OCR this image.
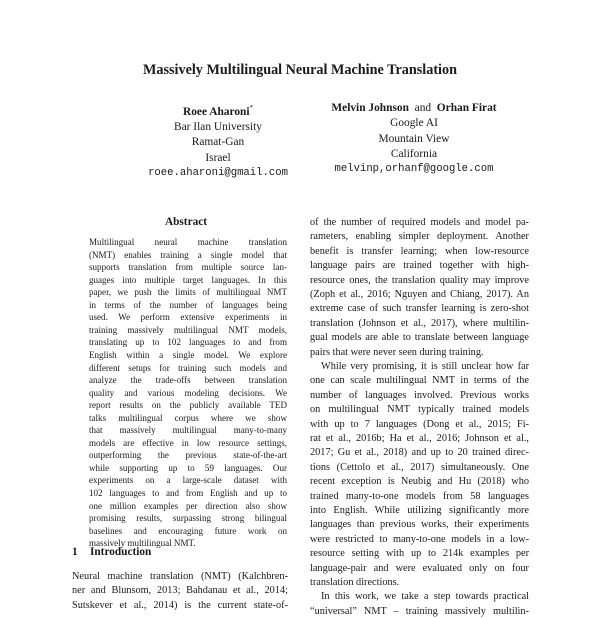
Massively Multilingual Neural Machine Translation
Roee Aharoni*
Bar Ilan University
Ramat-Gan
Israel
roee.aharoni@gmail.com
Melvin Johnson and Orhan Firat
Google AI
Mountain View
California
melvinp,orhanf@google.com
Abstract
Multilingual neural machine translation
(NMT) enables training a single model that
supports translation from multiple source lan-
guages into multiple target languages. In this
paper, we push the limits of multilingual NMT
in terms of the number of languages being
used. We perform extensive experiments in
training massively multilingual NMT models,
translating up to 102 languages to and from
English within a single model. We explore
different setups for training such models and
analyze the trade-offs between translation
quality and various modeling decisions. We
report results on the publicly available TED
talks multilingual corpus where we show
that massively multilingual many-to-many
models are effective in low resource settings,
outperforming the previous state-of-the-art
while supporting up to 59 languages. Our
experiments on a large-scale dataset with
102 languages to and from English and up to
one million examples per direction also show
promising results, surpassing strong bilingual
baselines and encouraging future work on
massively multilingual NMT.
1 Introduction
Neural machine translation (NMT) (Kalchbren-
ner and Blunsom, 2013; Bahdanau et al., 2014;
Sutskever et al., 2014) is the current state-of-
of the number of required models and model pa-
rameters, enabling simpler deployment. Another
benefit is transfer learning; when low-resource
language pairs are trained together with high-
resource ones, the translation quality may improve
(Zoph et al., 2016; Nguyen and Chiang, 2017). An
extreme case of such transfer learning is zero-shot
translation (Johnson et al., 2017), where multilin-
gual models are able to translate between language
pairs that were never seen during training.
While very promising, it is still unclear how far
one can scale multilingual NMT in terms of the
number of languages involved. Previous works
on multilingual NMT typically trained models
with up to 7 languages (Dong et al., 2015; Fi-
rat et al., 2016b; Ha et al., 2016; Johnson et al.,
2017; Gu et al., 2018) and up to 20 trained direc-
tions (Cettolo et al., 2017) simultaneously. One
recent exception is Neubig and Hu (2018) who
trained many-to-one models from 58 languages
into English. While utilizing significantly more
languages than previous works, their experiments
were restricted to many-to-one models in a low-
resource setting with up to 214k examples per
language-pair and were evaluated only on four
translation directions.
In this work, we take a step towards practical
“universal” NMT – training massively multilin-
